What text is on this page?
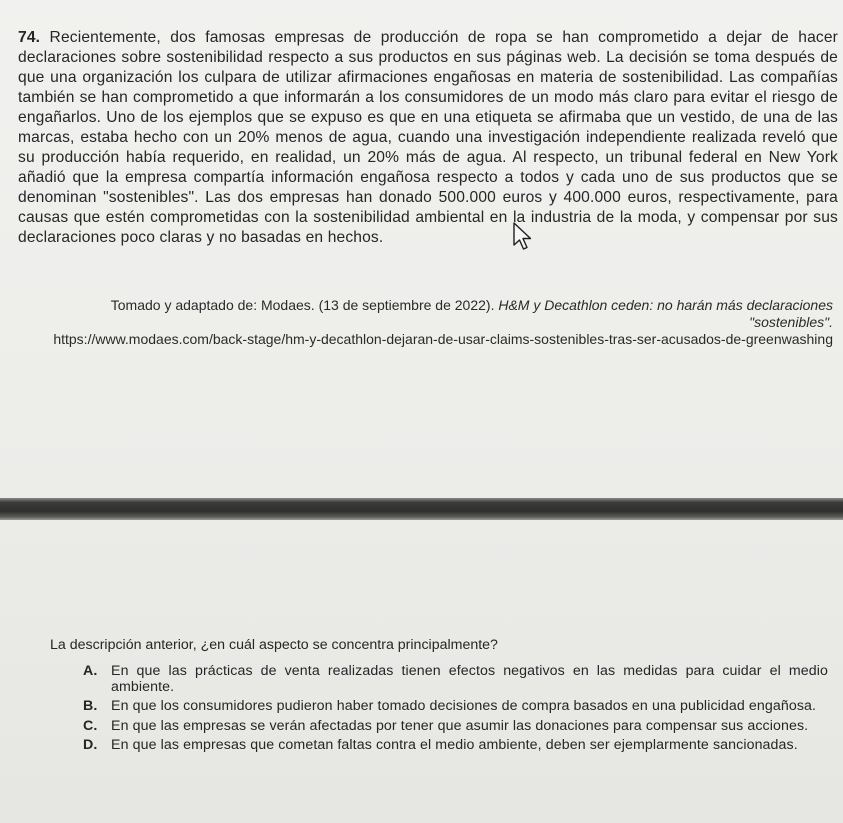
74. Recientemente, dos famosas empresas de producción de ropa se han comprometido a dejar de hacer declaraciones sobre sostenibilidad respecto a sus productos en sus páginas web. La decisión se toma después de que una organización los culpara de utilizar afirmaciones engañosas en materia de sostenibilidad. Las compañías también se han comprometido a que informarán a los consumidores de un modo más claro para evitar el riesgo de engañarlos. Uno de los ejemplos que se expuso es que en una etiqueta se afirmaba que un vestido, de una de las marcas, estaba hecho con un 20% menos de agua, cuando una investigación independiente realizada reveló que su producción había requerido, en realidad, un 20% más de agua. Al respecto, un tribunal federal en New York añadió que la empresa compartía información engañosa respecto a todos y cada uno de sus productos que se denominan "sostenibles". Las dos empresas han donado 500.000 euros y 400.000 euros, respectivamente, para causas que estén comprometidas con la sostenibilidad ambiental en la industria de la moda, y compensar por sus declaraciones poco claras y no basadas en hechos.
Tomado y adaptado de: Modaes. (13 de septiembre de 2022). H&M y Decathlon ceden: no harán más declaraciones "sostenibles".
https://www.modaes.com/back-stage/hm-y-decathlon-dejaran-de-usar-claims-sostenibles-tras-ser-acusados-de-greenwashing
La descripción anterior, ¿en cuál aspecto se concentra principalmente?
A. En que las prácticas de venta realizadas tienen efectos negativos en las medidas para cuidar el medio ambiente.
B. En que los consumidores pudieron haber tomado decisiones de compra basados en una publicidad engañosa.
C. En que las empresas se verán afectadas por tener que asumir las donaciones para compensar sus acciones.
D. En que las empresas que cometan faltas contra el medio ambiente, deben ser ejemplarmente sancionadas.
